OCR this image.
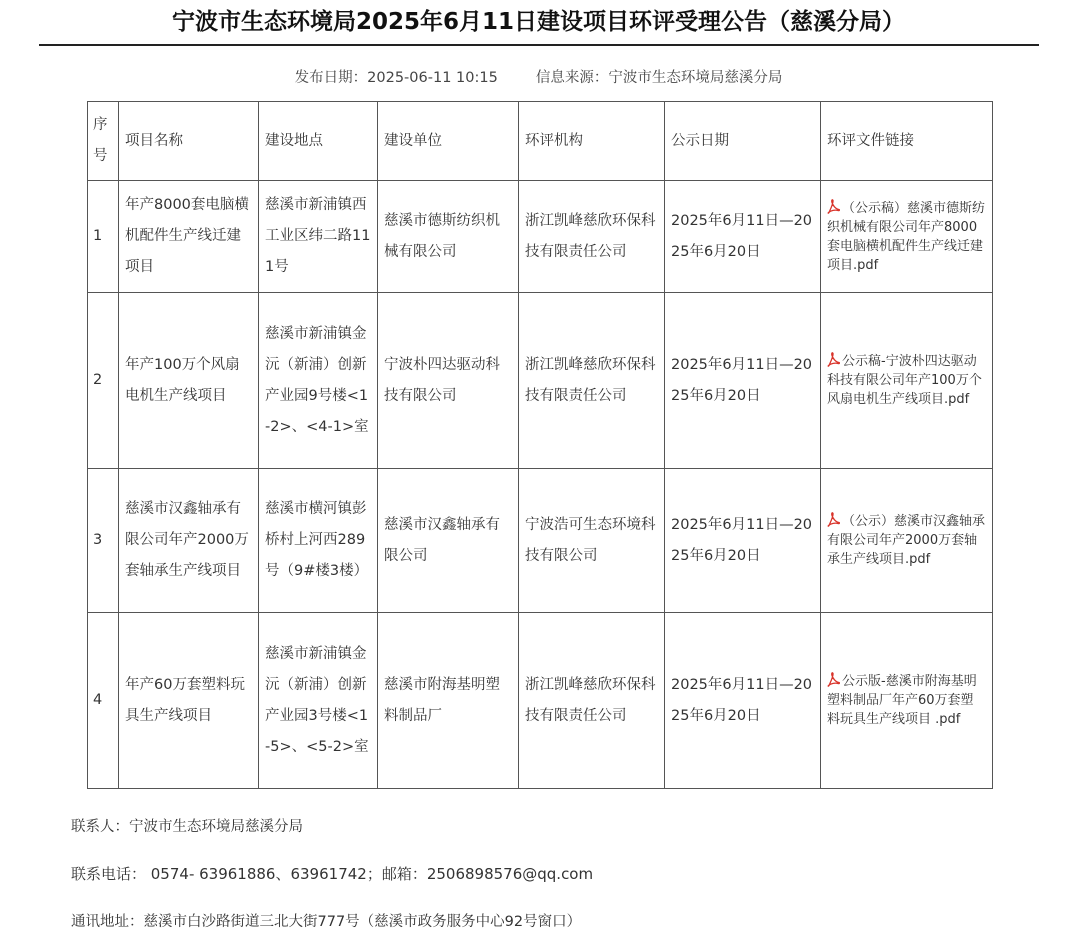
宁波市生态环境局2025年6月11日建设项目环评受理公告（慈溪分局）
发布日期：2025-06-11 10:15	信息来源：宁波市生态环境局慈溪分局
序号	项目名称	建设地点	建设单位	环评机构	公示日期	环评文件链接
1	年产8000套电脑横机配件生产线迁建项目	慈溪市新浦镇西工业区纬二路111号	慈溪市德斯纺织机械有限公司	浙江凯峰慈欣环保科技有限责任公司	2025年6月11日—2025年6月20日	（公示稿）慈溪市德斯纺织机械有限公司年产8000套电脑横机配件生产线迁建项目.pdf
2	年产100万个风扇电机生产线项目	慈溪市新浦镇金沅（新浦）创新产业园9号楼<1-2>、<4-1>室	宁波朴四达驱动科技有限公司	浙江凯峰慈欣环保科技有限责任公司	2025年6月11日—2025年6月20日	公示稿-宁波朴四达驱动科技有限公司年产100万个风扇电机生产线项目.pdf
3	慈溪市汉鑫轴承有限公司年产2000万套轴承生产线项目	慈溪市横河镇彭桥村上河西289号（9#楼3楼）	慈溪市汉鑫轴承有限公司	宁波浩可生态环境科技有限公司	2025年6月11日—2025年6月20日	（公示）慈溪市汉鑫轴承有限公司年产2000万套轴承生产线项目.pdf
4	年产60万套塑料玩具生产线项目	慈溪市新浦镇金沅（新浦）创新产业园3号楼<1-5>、<5-2>室	慈溪市附海基明塑料制品厂	浙江凯峰慈欣环保科技有限责任公司	2025年6月11日—2025年6月20日	公示版-慈溪市附海基明塑料制品厂年产60万套塑料玩具生产线项目 .pdf
联系人：宁波市生态环境局慈溪分局
联系电话： 0574- 63961886、63961742；邮箱：2506898576@qq.com
通讯地址：慈溪市白沙路街道三北大街777号（慈溪市政务服务中心92号窗口）
